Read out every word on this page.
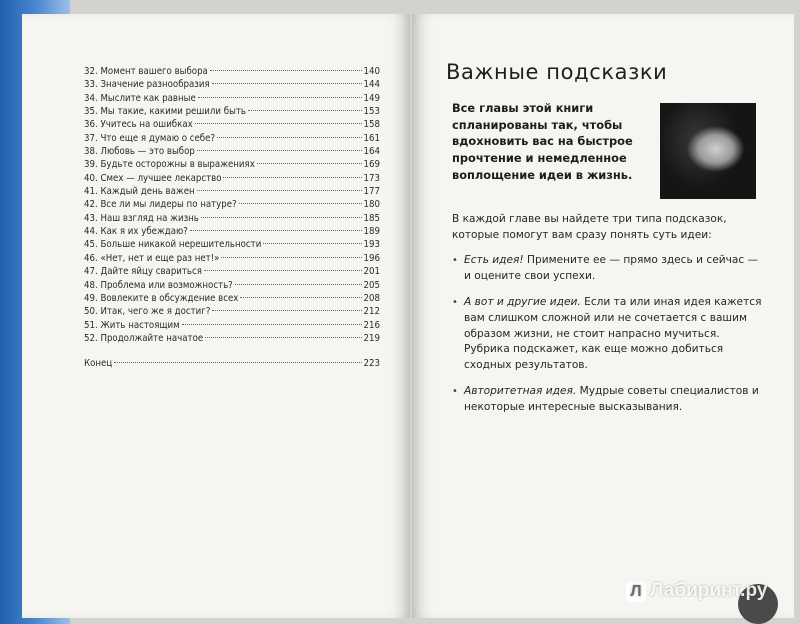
32. Момент вашего выбора	140
33. Значение разнообразия	144
34. Мыслите как равные	149
35. Мы такие, какими решили быть	153
36. Учитесь на ошибках	158
37. Что еще я думаю о себе?	161
38. Любовь — это выбор	164
39. Будьте осторожны в выражениях	169
40. Смех — лучшее лекарство	173
41. Каждый день важен	177
42. Все ли мы лидеры по натуре?	180
43. Наш взгляд на жизнь	185
44. Как я их убеждаю?	189
45. Больше никакой нерешительности	193
46. «Нет, нет и еще раз нет!»	196
47. Дайте яйцу свариться	201
48. Проблема или возможность?	205
49. Вовлеките в обсуждение всех	208
50. Итак, чего же я достиг?	212
51. Жить настоящим	216
52. Продолжайте начатое	219
Конец	223
Важные подсказки
Все главы этой книги спланированы так, чтобы вдохновить вас на быстрое прочтение и немедленное воплощение идеи в жизнь.

В каждой главе вы найдете три типа подсказок, которые помогут вам сразу понять суть идеи:

• Есть идея! Примените ее — прямо здесь и сейчас — и оцените свои успехи.
• А вот и другие идеи. Если та или иная идея кажется вам слишком сложной или не сочетается с вашим образом жизни, не стоит напрасно мучиться. Рубрика подскажет, как еще можно добиться сходных результатов.
• Авторитетная идея. Мудрые советы специалистов и некоторые интересные высказывания.
Л Лабиринт.ру
